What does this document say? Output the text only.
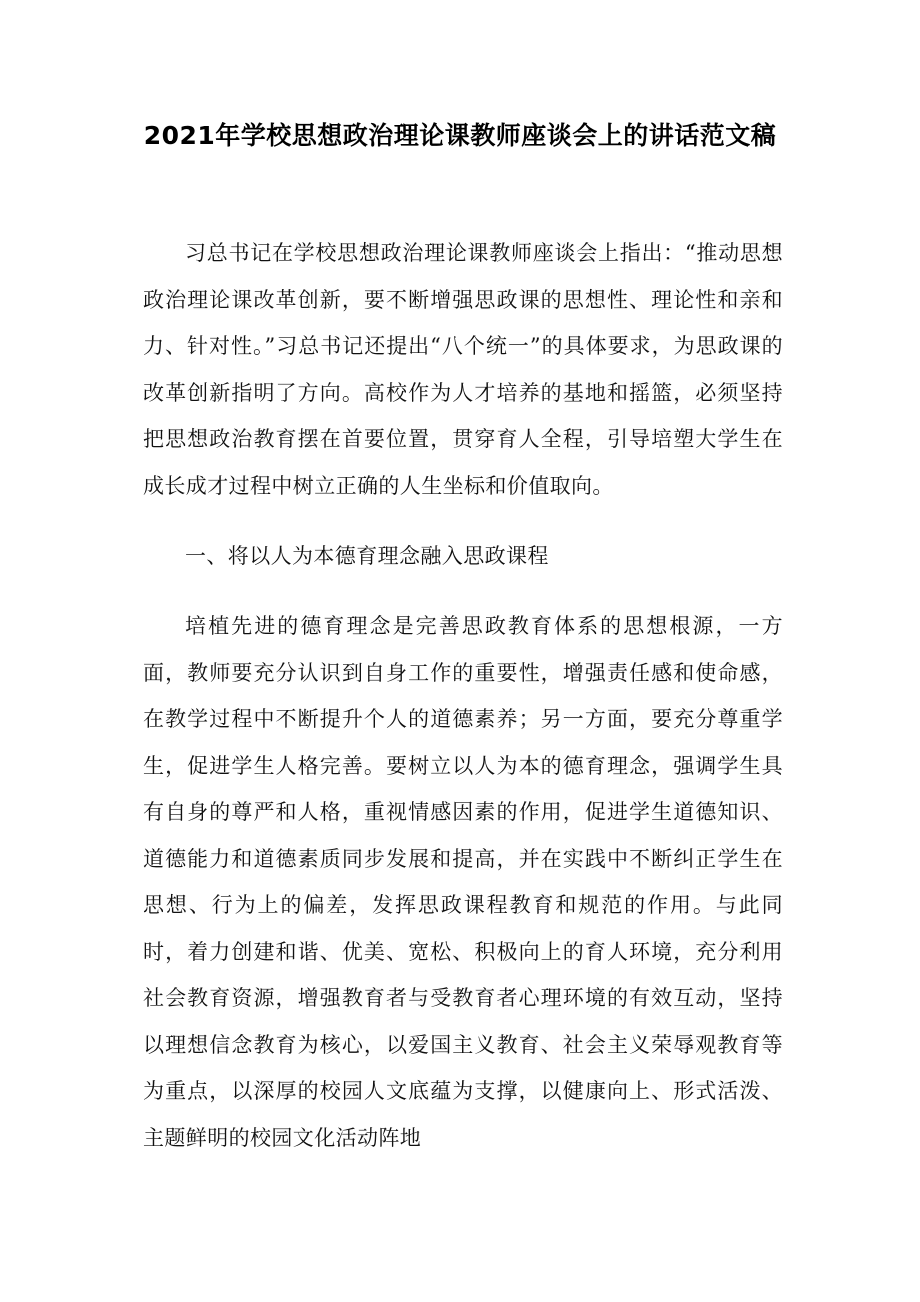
2021年学校思想政治理论课教师座谈会上的讲话范文稿

习总书记在学校思想政治理论课教师座谈会上指出：“推动思想政治理论课改革创新，要不断增强思政课的思想性、理论性和亲和力、针对性。”习总书记还提出“八个统一”的具体要求，为思政课的改革创新指明了方向。高校作为人才培养的基地和摇篮，必须坚持把思想政治教育摆在首要位置，贯穿育人全程，引导培塑大学生在成长成才过程中树立正确的人生坐标和价值取向。

一、将以人为本德育理念融入思政课程

培植先进的德育理念是完善思政教育体系的思想根源，一方面，教师要充分认识到自身工作的重要性，增强责任感和使命感，在教学过程中不断提升个人的道德素养；另一方面，要充分尊重学生，促进学生人格完善。要树立以人为本的德育理念，强调学生具有自身的尊严和人格，重视情感因素的作用，促进学生道德知识、道德能力和道德素质同步发展和提高，并在实践中不断纠正学生在思想、行为上的偏差，发挥思政课程教育和规范的作用。与此同时，着力创建和谐、优美、宽松、积极向上的育人环境，充分利用社会教育资源，增强教育者与受教育者心理环境的有效互动，坚持以理想信念教育为核心，以爱国主义教育、社会主义荣辱观教育等为重点，以深厚的校园人文底蕴为支撑，以健康向上、形式活泼、主题鲜明的校园文化活动阵地
